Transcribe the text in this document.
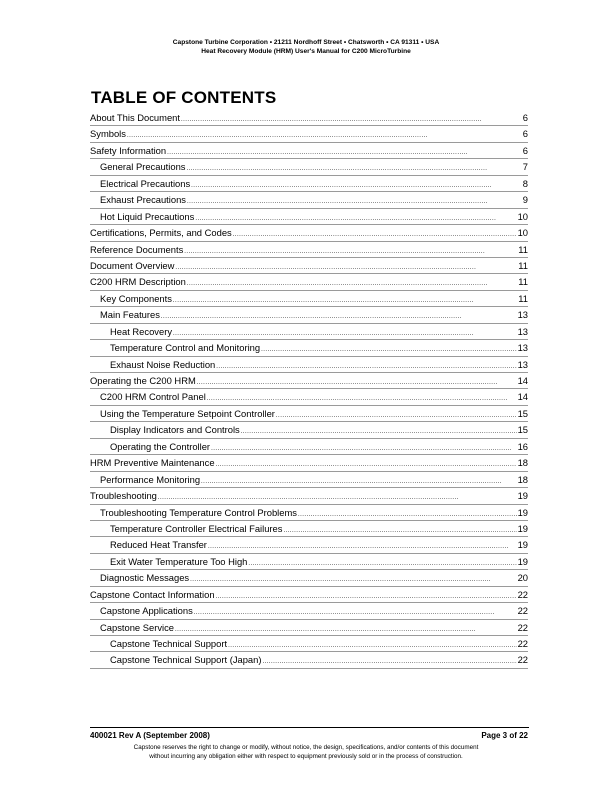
Capstone Turbine Corporation • 21211 Nordhoff Street • Chatsworth • CA 91311 • USA
Heat Recovery Module (HRM) User's Manual for C200 MicroTurbine
TABLE OF CONTENTS
About This Document . . .	6
Symbols . . .	6
Safety Information . . .	6
General Precautions . . .	7
Electrical Precautions . . .	8
Exhaust Precautions . . .	9
Hot Liquid Precautions . . .	10
Certifications, Permits, and Codes . . .	10
Reference Documents . . .	11
Document Overview . . .	11
C200 HRM Description . . .	11
Key Components . . .	11
Main Features . . .	13
Heat Recovery . . .	13
Temperature Control and Monitoring . . .	13
Exhaust Noise Reduction . . .	13
Operating the C200 HRM . . .	14
C200 HRM Control Panel . . .	14
Using the Temperature Setpoint Controller . . .	15
Display Indicators and Controls . . .	15
Operating the Controller . . .	16
HRM Preventive Maintenance . . .	18
Performance Monitoring . . .	18
Troubleshooting . . .	19
Troubleshooting Temperature Control Problems . . .	19
Temperature Controller Electrical Failures . . .	19
Reduced Heat Transfer . . .	19
Exit Water Temperature Too High . . .	19
Diagnostic Messages . . .	20
Capstone Contact Information . . .	22
Capstone Applications . . .	22
Capstone Service . . .	22
Capstone Technical Support . . .	22
Capstone Technical Support (Japan) . . .	22
400021 Rev A (September 2008)	Page 3 of 22
Capstone reserves the right to change or modify, without notice, the design, specifications, and/or contents of this document
without incurring any obligation either with respect to equipment previously sold or in the process of construction.
